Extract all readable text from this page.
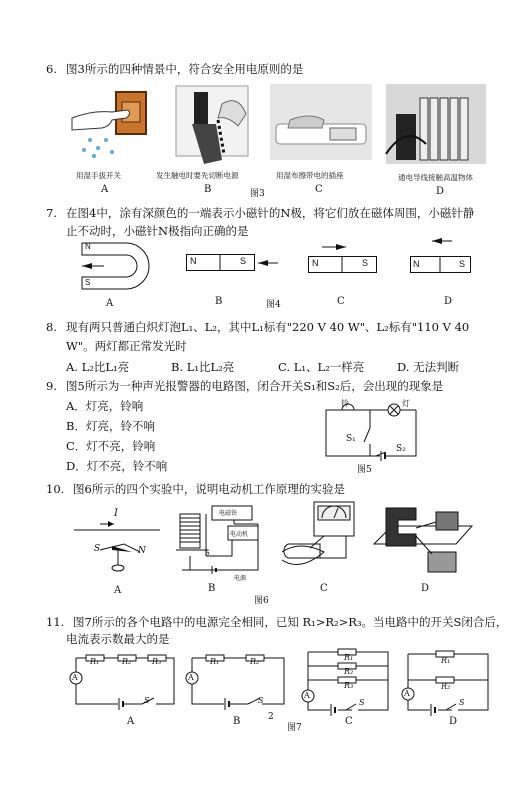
6. 图3所示的四种情景中，符合安全用电原则的是
用湿手拔开关	发生触电时要先切断电源	用湿布擦带电的插座	通电导线接触高温物体
A	B	图3	C	D
7. 在图4中，涂有深颜色的一端表示小磁针的N极，将它们放在磁体周围，小磁针静
止不动时，小磁针N极指向正确的是
N
S
N	S	N	S	N	S
A	B	图4	C	D
8. 现有两只普通白炽灯泡L₁、L₂，其中L₁标有"220 V 40 W"、L₂标有"110 V 40
W"。两灯都正常发光时
A. L₂比L₁亮	B. L₁比L₂亮	C. L₁、L₂一样亮	D. 无法判断
9. 图5所示为一种声光报警器的电路图，闭合开关S₁和S₂后，会出现的现象是
A．灯亮，铃响
B．灯亮，铃不响
C．灯不亮，铃响
D．灯不亮，铃不响
铃	灯
S₁
S₂
图5
10. 图6所示的四个实验中，说明电动机工作原理的实验是
I
S	N
电磁铁
电动机
S
电源
A	B
图6
C	D
11. 图7所示的各个电路中的电源完全相同，已知 R₁>R₂>R₃。当电路中的开关S闭合后，
电流表示数最大的是
A
R₁	R₂	R₃
S
A
A
R₁	R₂
S
B	2
图7
A
R₁
R₂
R₃
S
C
A
R₁
R₂
S
D
